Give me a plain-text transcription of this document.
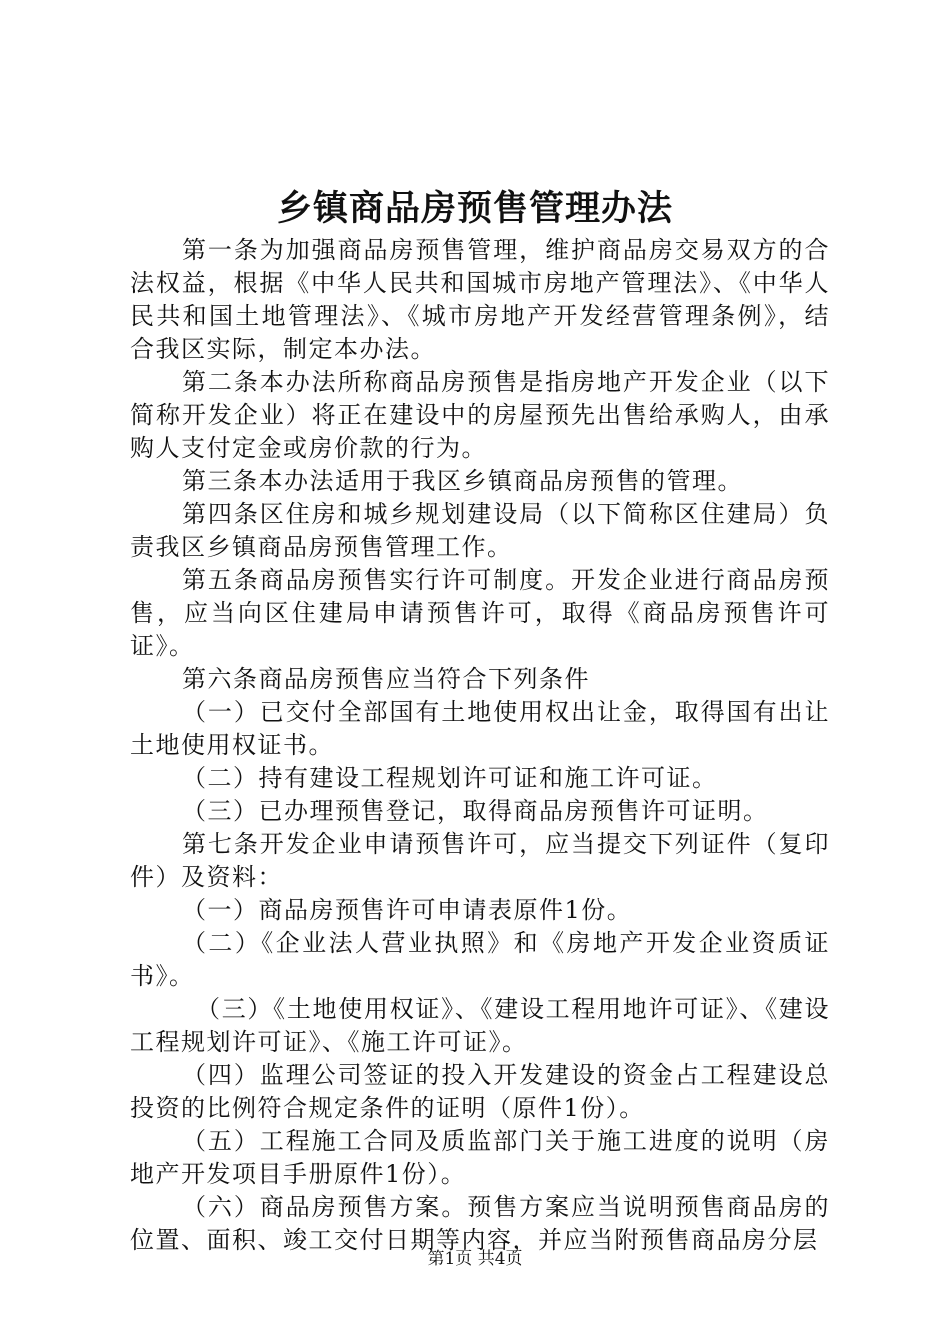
乡镇商品房预售管理办法

第一条为加强商品房预售管理，维护商品房交易双方的合法权益，根据《中华人民共和国城市房地产管理法》、《中华人民共和国土地管理法》、《城市房地产开发经营管理条例》，结合我区实际，制定本办法。

第二条本办法所称商品房预售是指房地产开发企业（以下简称开发企业）将正在建设中的房屋预先出售给承购人，由承购人支付定金或房价款的行为。

第三条本办法适用于我区乡镇商品房预售的管理。

第四条区住房和城乡规划建设局（以下简称区住建局）负责我区乡镇商品房预售管理工作。

第五条商品房预售实行许可制度。开发企业进行商品房预售，应当向区住建局申请预售许可，取得《商品房预售许可证》。

第六条商品房预售应当符合下列条件

（一）已交付全部国有土地使用权出让金，取得国有出让土地使用权证书。

（二）持有建设工程规划许可证和施工许可证。

（三）已办理预售登记，取得商品房预售许可证明。

第七条开发企业申请预售许可，应当提交下列证件（复印件）及资料：

（一）商品房预售许可申请表原件1份。

（二）《企业法人营业执照》和《房地产开发企业资质证书》。

（三）《土地使用权证》、《建设工程用地许可证》、《建设工程规划许可证》、《施工许可证》。

（四）监理公司签证的投入开发建设的资金占工程建设总投资的比例符合规定条件的证明（原件1份）。

（五）工程施工合同及质监部门关于施工进度的说明（房地产开发项目手册原件1份）。

（六）商品房预售方案。预售方案应当说明预售商品房的位置、面积、竣工交付日期等内容，并应当附预售商品房分层

第1页 共4页
